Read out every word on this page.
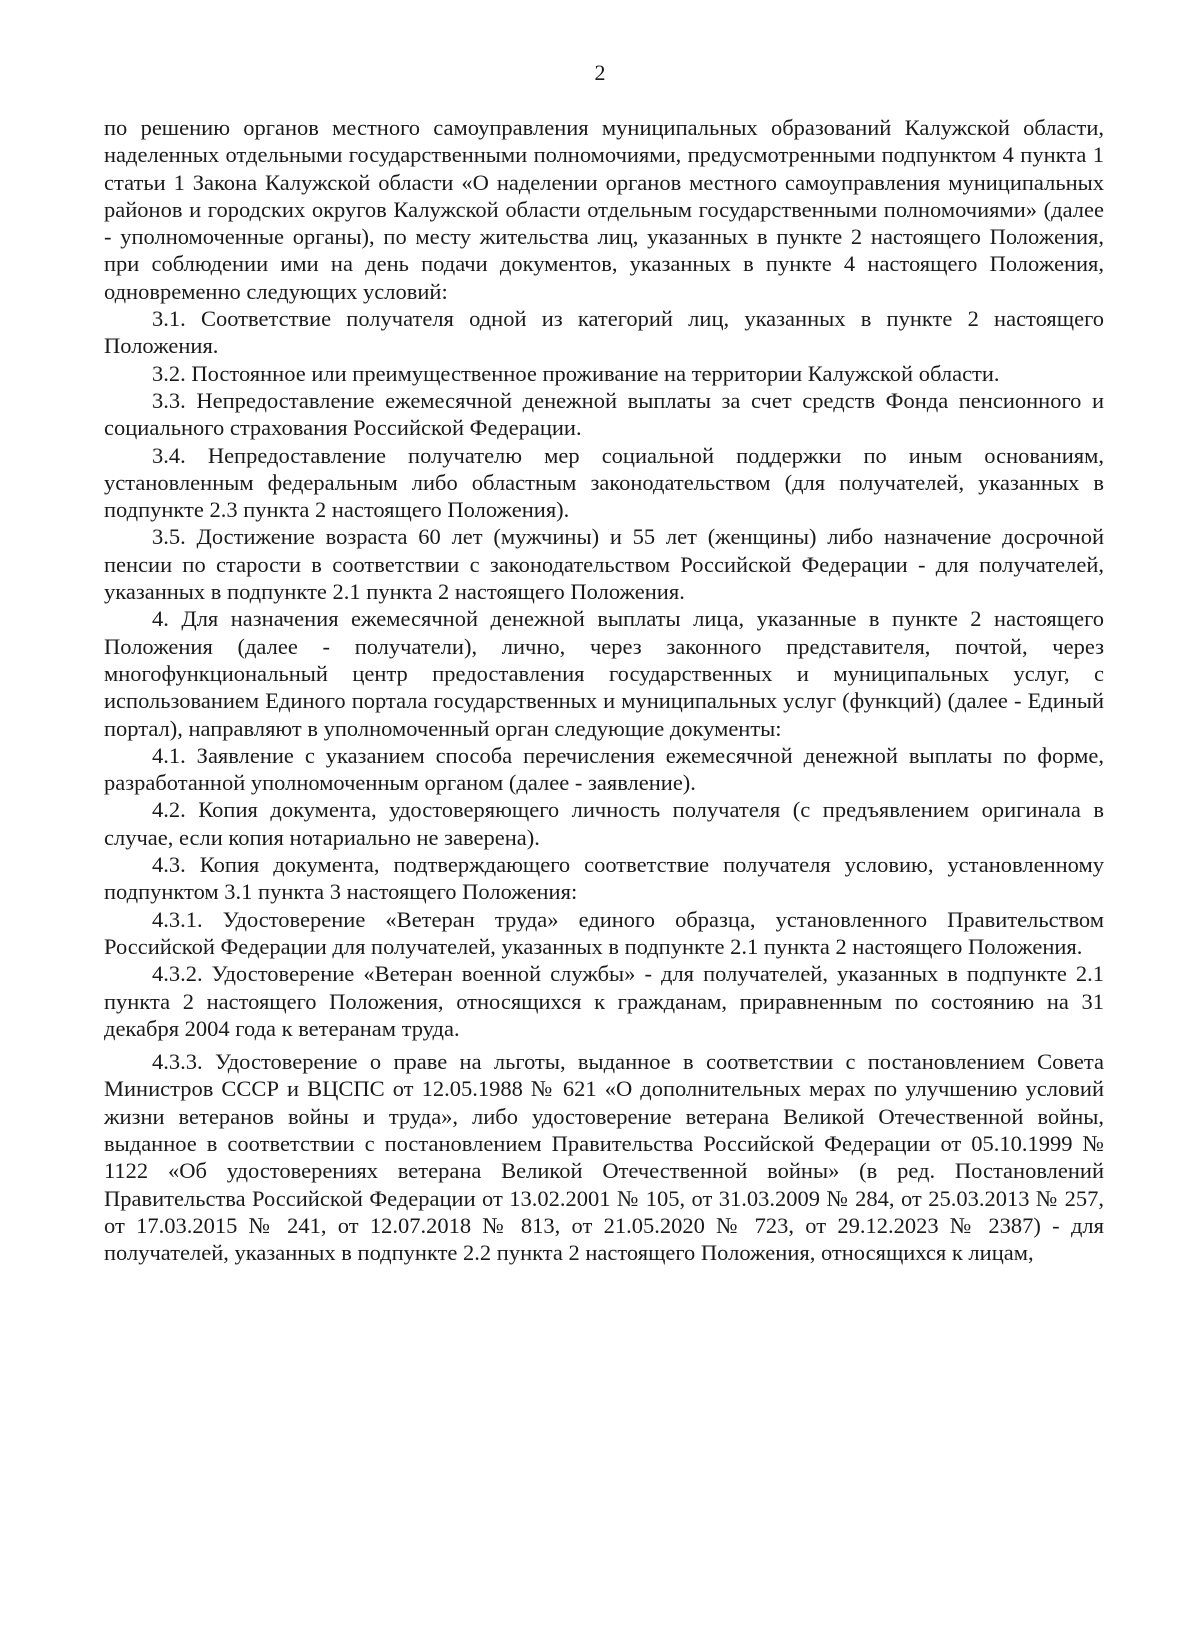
2

по решению органов местного самоуправления муниципальных образований Калужской области, наделенных отдельными государственными полномочиями, предусмотренными подпунктом 4 пункта 1 статьи 1 Закона Калужской области «О наделении органов местного самоуправления муниципальных районов и городских округов Калужской области отдельным государственными полномочиями» (далее - уполномоченные органы), по месту жительства лиц, указанных в пункте 2 настоящего Положения, при соблюдении ими на день подачи документов, указанных в пункте 4 настоящего Положения, одновременно следующих условий:

3.1. Соответствие получателя одной из категорий лиц, указанных в пункте 2 настоящего Положения.

3.2. Постоянное или преимущественное проживание на территории Калужской области.

3.3. Непредоставление ежемесячной денежной выплаты за счет средств Фонда пенсионного и социального страхования Российской Федерации.

3.4. Непредоставление получателю мер социальной поддержки по иным основаниям, установленным федеральным либо областным законодательством (для получателей, указанных в подпункте 2.3 пункта 2 настоящего Положения).

3.5. Достижение возраста 60 лет (мужчины) и 55 лет (женщины) либо назначение досрочной пенсии по старости в соответствии с законодательством Российской Федерации - для получателей, указанных в подпункте 2.1 пункта 2 настоящего Положения.

4. Для назначения ежемесячной денежной выплаты лица, указанные в пункте 2 настоящего Положения (далее - получатели), лично, через законного представителя, почтой, через многофункциональный центр предоставления государственных и муниципальных услуг, с использованием Единого портала государственных и муниципальных услуг (функций) (далее - Единый портал), направляют в уполномоченный орган следующие документы:

4.1. Заявление с указанием способа перечисления ежемесячной денежной выплаты по форме, разработанной уполномоченным органом (далее - заявление).

4.2. Копия документа, удостоверяющего личность получателя (с предъявлением оригинала в случае, если копия нотариально не заверена).

4.3. Копия документа, подтверждающего соответствие получателя условию, установленному подпунктом 3.1 пункта 3 настоящего Положения:

4.3.1. Удостоверение «Ветеран труда» единого образца, установленного Правительством Российской Федерации для получателей, указанных в подпункте 2.1 пункта 2 настоящего Положения.

4.3.2. Удостоверение «Ветеран военной службы» - для получателей, указанных в подпункте 2.1 пункта 2 настоящего Положения, относящихся к гражданам, приравненным по состоянию на 31 декабря 2004 года к ветеранам труда.

4.3.3. Удостоверение о праве на льготы, выданное в соответствии с постановлением Совета Министров СССР и ВЦСПС от 12.05.1988 № 621 «О дополнительных мерах по улучшению условий жизни ветеранов войны и труда», либо удостоверение ветерана Великой Отечественной войны, выданное в соответствии с постановлением Правительства Российской Федерации от 05.10.1999 № 1122 «Об удостоверениях ветерана Великой Отечественной войны» (в ред. Постановлений Правительства Российской Федерации от 13.02.2001 № 105, от 31.03.2009 № 284, от 25.03.2013 № 257, от 17.03.2015 № 241, от 12.07.2018 № 813, от 21.05.2020 № 723, от 29.12.2023 № 2387) - для получателей, указанных в подпункте 2.2 пункта 2 настоящего Положения, относящихся к лицам,
